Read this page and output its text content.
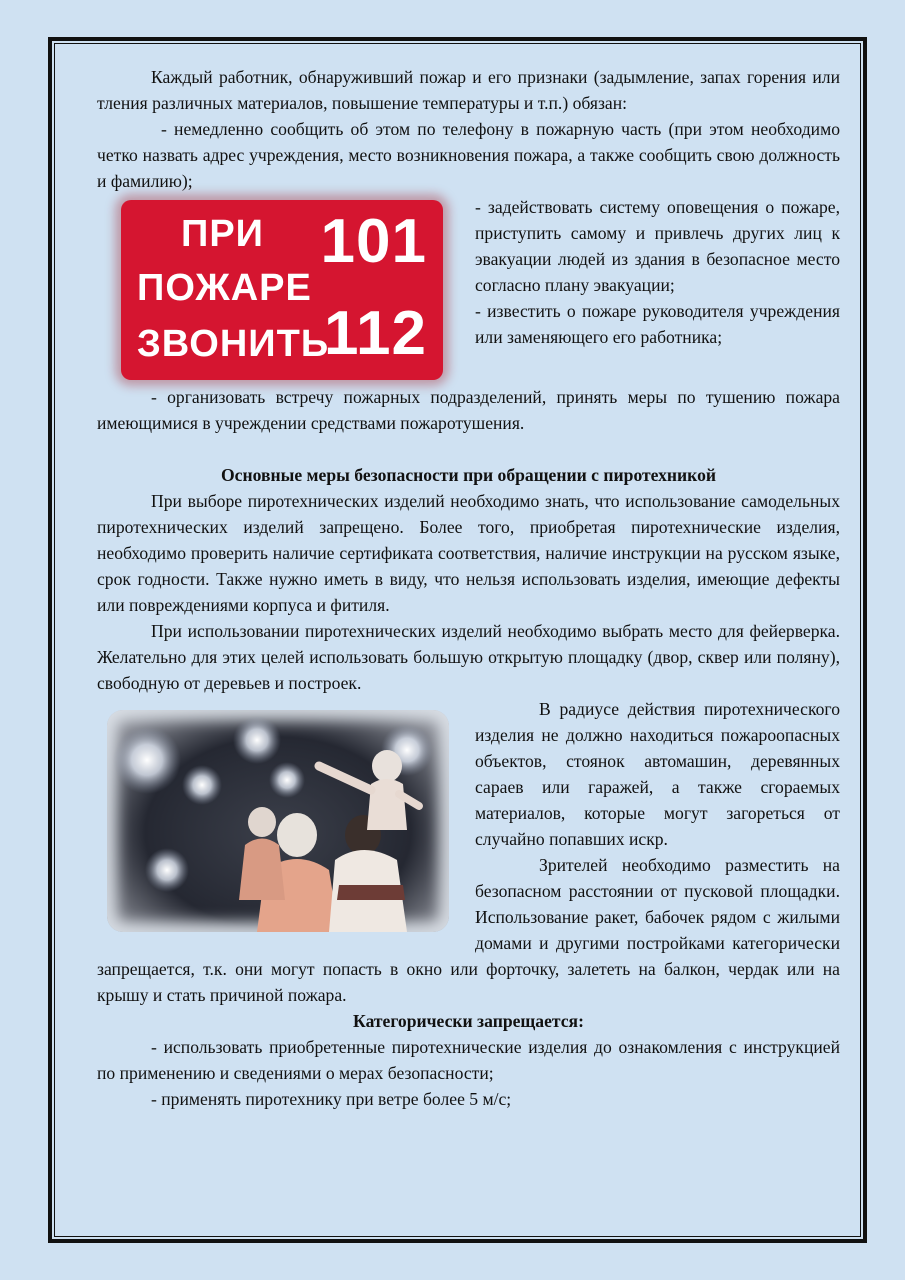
Каждый работник, обнаруживший пожар и его признаки (задымление, запах горения или тления различных материалов, повышение температуры и т.п.) обязан:

- немедленно сообщить об этом по телефону в пожарную часть (при этом необходимо четко назвать адрес учреждения, место возникновения пожара, а также сообщить свою должность и фамилию);

ПРИ
ПОЖАРЕ
ЗВОНИТЬ
101
112

- задействовать систему оповещения о пожаре, приступить самому и привлечь других лиц к эвакуации людей из здания в безопасное место согласно плану эвакуации;

- известить о пожаре руководителя учреждения или заменяющего его работника;

- организовать встречу пожарных подразделений, принять меры по тушению пожара имеющимися в учреждении средствами пожаротушения.

Основные меры безопасности при обращении с пиротехникой

При выборе пиротехнических изделий необходимо знать, что использование самодельных пиротехнических изделий запрещено. Более того, приобретая пиротехнические изделия, необходимо проверить наличие сертификата соответствия, наличие инструкции на русском языке, срок годности. Также нужно иметь в виду, что нельзя использовать изделия, имеющие дефекты или повреждениями корпуса и фитиля.

При использовании пиротехнических изделий необходимо выбрать место для фейерверка. Желательно для этих целей использовать большую открытую площадку (двор, сквер или поляну), свободную от деревьев и построек.

В радиусе действия пиротехнического изделия не должно находиться пожароопасных объектов, стоянок автомашин, деревянных сараев или гаражей, а также сгораемых материалов, которые могут загореться от случайно попавших искр.

Зрителей необходимо разместить на безопасном расстоянии от пусковой площадки. Использование ракет, бабочек рядом с жилыми домами и другими постройками категорически запрещается, т.к. они могут попасть в окно или форточку, залететь на балкон, чердак или на крышу и стать причиной пожара.

Категорически запрещается:

- использовать приобретенные пиротехнические изделия до ознакомления с инструкцией по применению и сведениями о мерах безопасности;

- применять пиротехнику при ветре более 5 м/с;
